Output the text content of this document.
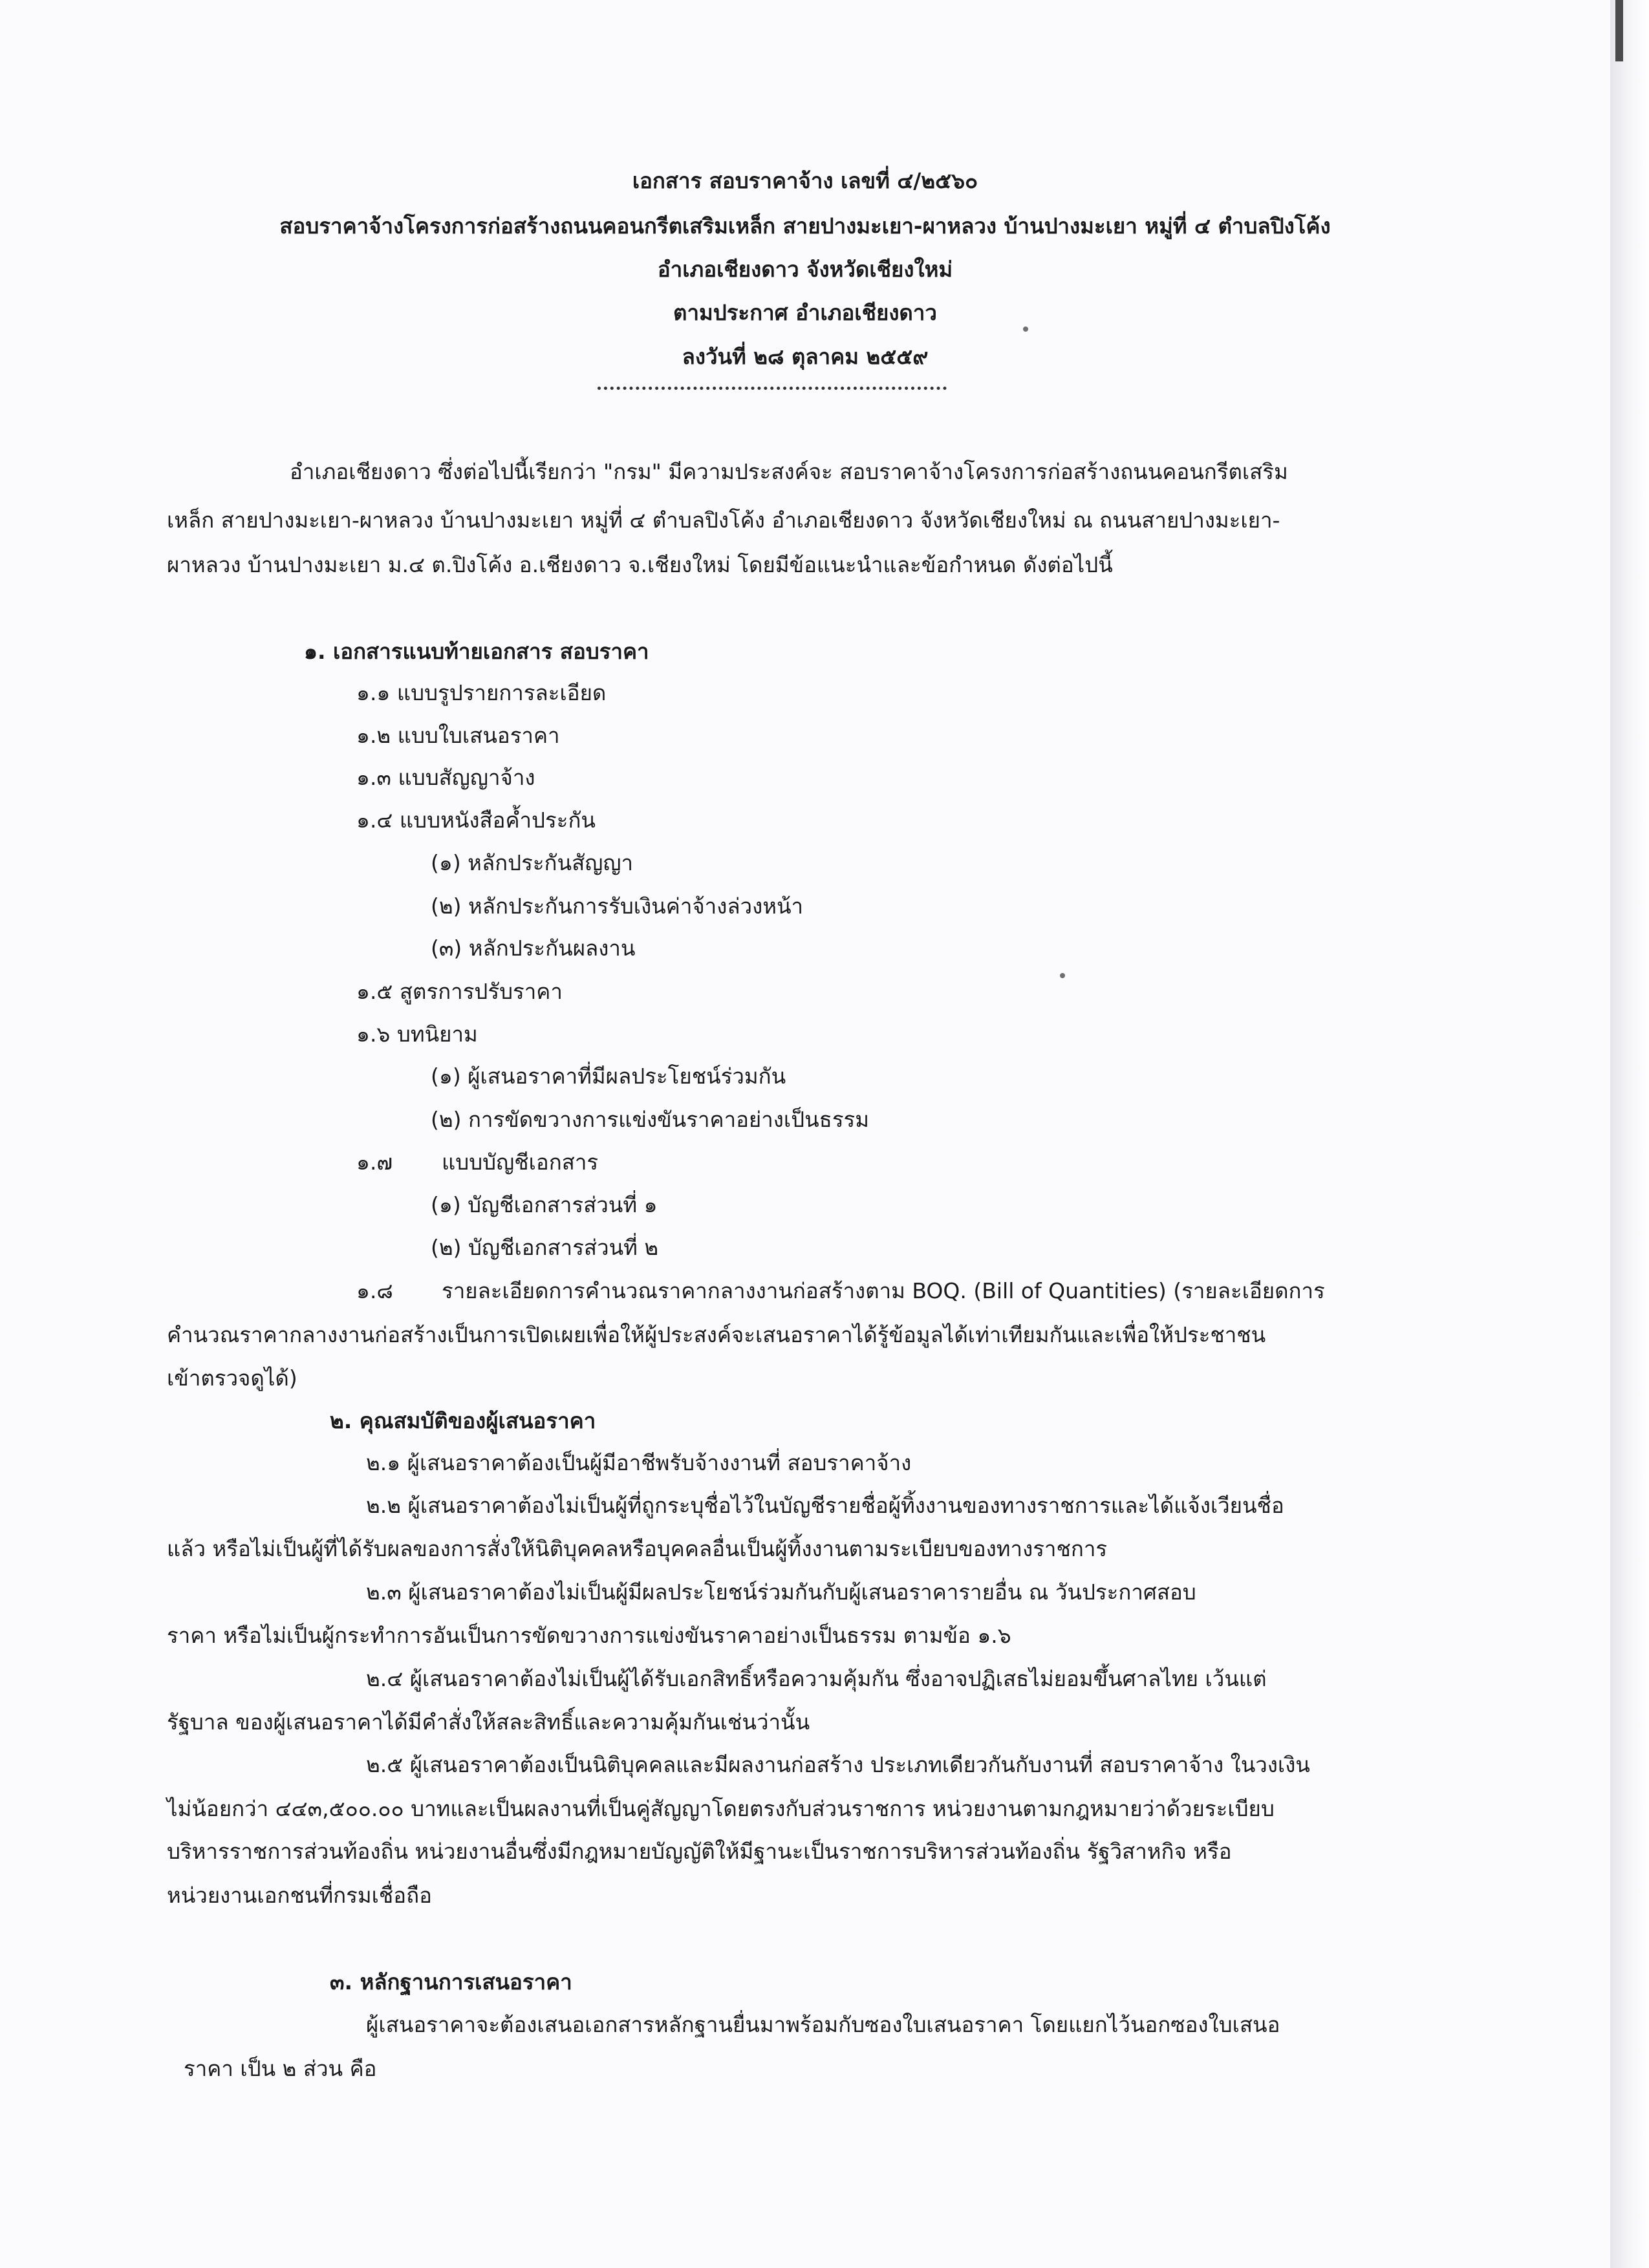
เอกสาร สอบราคาจ้าง เลขที่ ๔/๒๕๖๐
สอบราคาจ้างโครงการก่อสร้างถนนคอนกรีตเสริมเหล็ก สายปางมะเยา-ผาหลวง บ้านปางมะเยา หมู่ที่ ๔ ตำบลปิงโค้ง
อำเภอเชียงดาว จังหวัดเชียงใหม่
ตามประกาศ อำเภอเชียงดาว
ลงวันที่ ๒๘ ตุลาคม ๒๕๕๙
อำเภอเชียงดาว ซึ่งต่อไปนี้เรียกว่า "กรม" มีความประสงค์จะ สอบราคาจ้างโครงการก่อสร้างถนนคอนกรีตเสริม
เหล็ก สายปางมะเยา-ผาหลวง บ้านปางมะเยา หมู่ที่ ๔ ตำบลปิงโค้ง อำเภอเชียงดาว จังหวัดเชียงใหม่ ณ ถนนสายปางมะเยา-
ผาหลวง บ้านปางมะเยา ม.๔ ต.ปิงโค้ง อ.เชียงดาว จ.เชียงใหม่ โดยมีข้อแนะนำและข้อกำหนด ดังต่อไปนี้
๑. เอกสารแนบท้ายเอกสาร สอบราคา
๑.๑ แบบรูปรายการละเอียด
๑.๒ แบบใบเสนอราคา
๑.๓ แบบสัญญาจ้าง
๑.๔ แบบหนังสือค้ำประกัน
(๑) หลักประกันสัญญา
(๒) หลักประกันการรับเงินค่าจ้างล่วงหน้า
(๓) หลักประกันผลงาน
๑.๕ สูตรการปรับราคา
๑.๖ บทนิยาม
(๑) ผู้เสนอราคาที่มีผลประโยชน์ร่วมกัน
(๒) การขัดขวางการแข่งขันราคาอย่างเป็นธรรม
๑.๗ แบบบัญชีเอกสาร
(๑) บัญชีเอกสารส่วนที่ ๑
(๒) บัญชีเอกสารส่วนที่ ๒
๑.๘ รายละเอียดการคำนวณราคากลางงานก่อสร้างตาม BOQ. (Bill of Quantities) (รายละเอียดการ
คำนวณราคากลางงานก่อสร้างเป็นการเปิดเผยเพื่อให้ผู้ประสงค์จะเสนอราคาได้รู้ข้อมูลได้เท่าเทียมกันและเพื่อให้ประชาชน
เข้าตรวจดูได้)
๒. คุณสมบัติของผู้เสนอราคา
๒.๑ ผู้เสนอราคาต้องเป็นผู้มีอาชีพรับจ้างงานที่ สอบราคาจ้าง
๒.๒ ผู้เสนอราคาต้องไม่เป็นผู้ที่ถูกระบุชื่อไว้ในบัญชีรายชื่อผู้ทิ้งงานของทางราชการและได้แจ้งเวียนชื่อ
แล้ว หรือไม่เป็นผู้ที่ได้รับผลของการสั่งให้นิติบุคคลหรือบุคคลอื่นเป็นผู้ทิ้งงานตามระเบียบของทางราชการ
๒.๓ ผู้เสนอราคาต้องไม่เป็นผู้มีผลประโยชน์ร่วมกันกับผู้เสนอราคารายอื่น ณ วันประกาศสอบ
ราคา หรือไม่เป็นผู้กระทำการอันเป็นการขัดขวางการแข่งขันราคาอย่างเป็นธรรม ตามข้อ ๑.๖
๒.๔ ผู้เสนอราคาต้องไม่เป็นผู้ได้รับเอกสิทธิ์หรือความคุ้มกัน ซึ่งอาจปฏิเสธไม่ยอมขึ้นศาลไทย เว้นแต่
รัฐบาล ของผู้เสนอราคาได้มีคำสั่งให้สละสิทธิ์และความคุ้มกันเช่นว่านั้น
๒.๕ ผู้เสนอราคาต้องเป็นนิติบุคคลและมีผลงานก่อสร้าง ประเภทเดียวกันกับงานที่ สอบราคาจ้าง ในวงเงิน
ไม่น้อยกว่า ๔๔๓,๕๐๐.๐๐ บาทและเป็นผลงานที่เป็นคู่สัญญาโดยตรงกับส่วนราชการ หน่วยงานตามกฎหมายว่าด้วยระเบียบ
บริหารราชการส่วนท้องถิ่น หน่วยงานอื่นซึ่งมีกฎหมายบัญญัติให้มีฐานะเป็นราชการบริหารส่วนท้องถิ่น รัฐวิสาหกิจ หรือ
หน่วยงานเอกชนที่กรมเชื่อถือ
๓. หลักฐานการเสนอราคา
ผู้เสนอราคาจะต้องเสนอเอกสารหลักฐานยื่นมาพร้อมกับซองใบเสนอราคา โดยแยกไว้นอกซองใบเสนอ
ราคา เป็น ๒ ส่วน คือ
